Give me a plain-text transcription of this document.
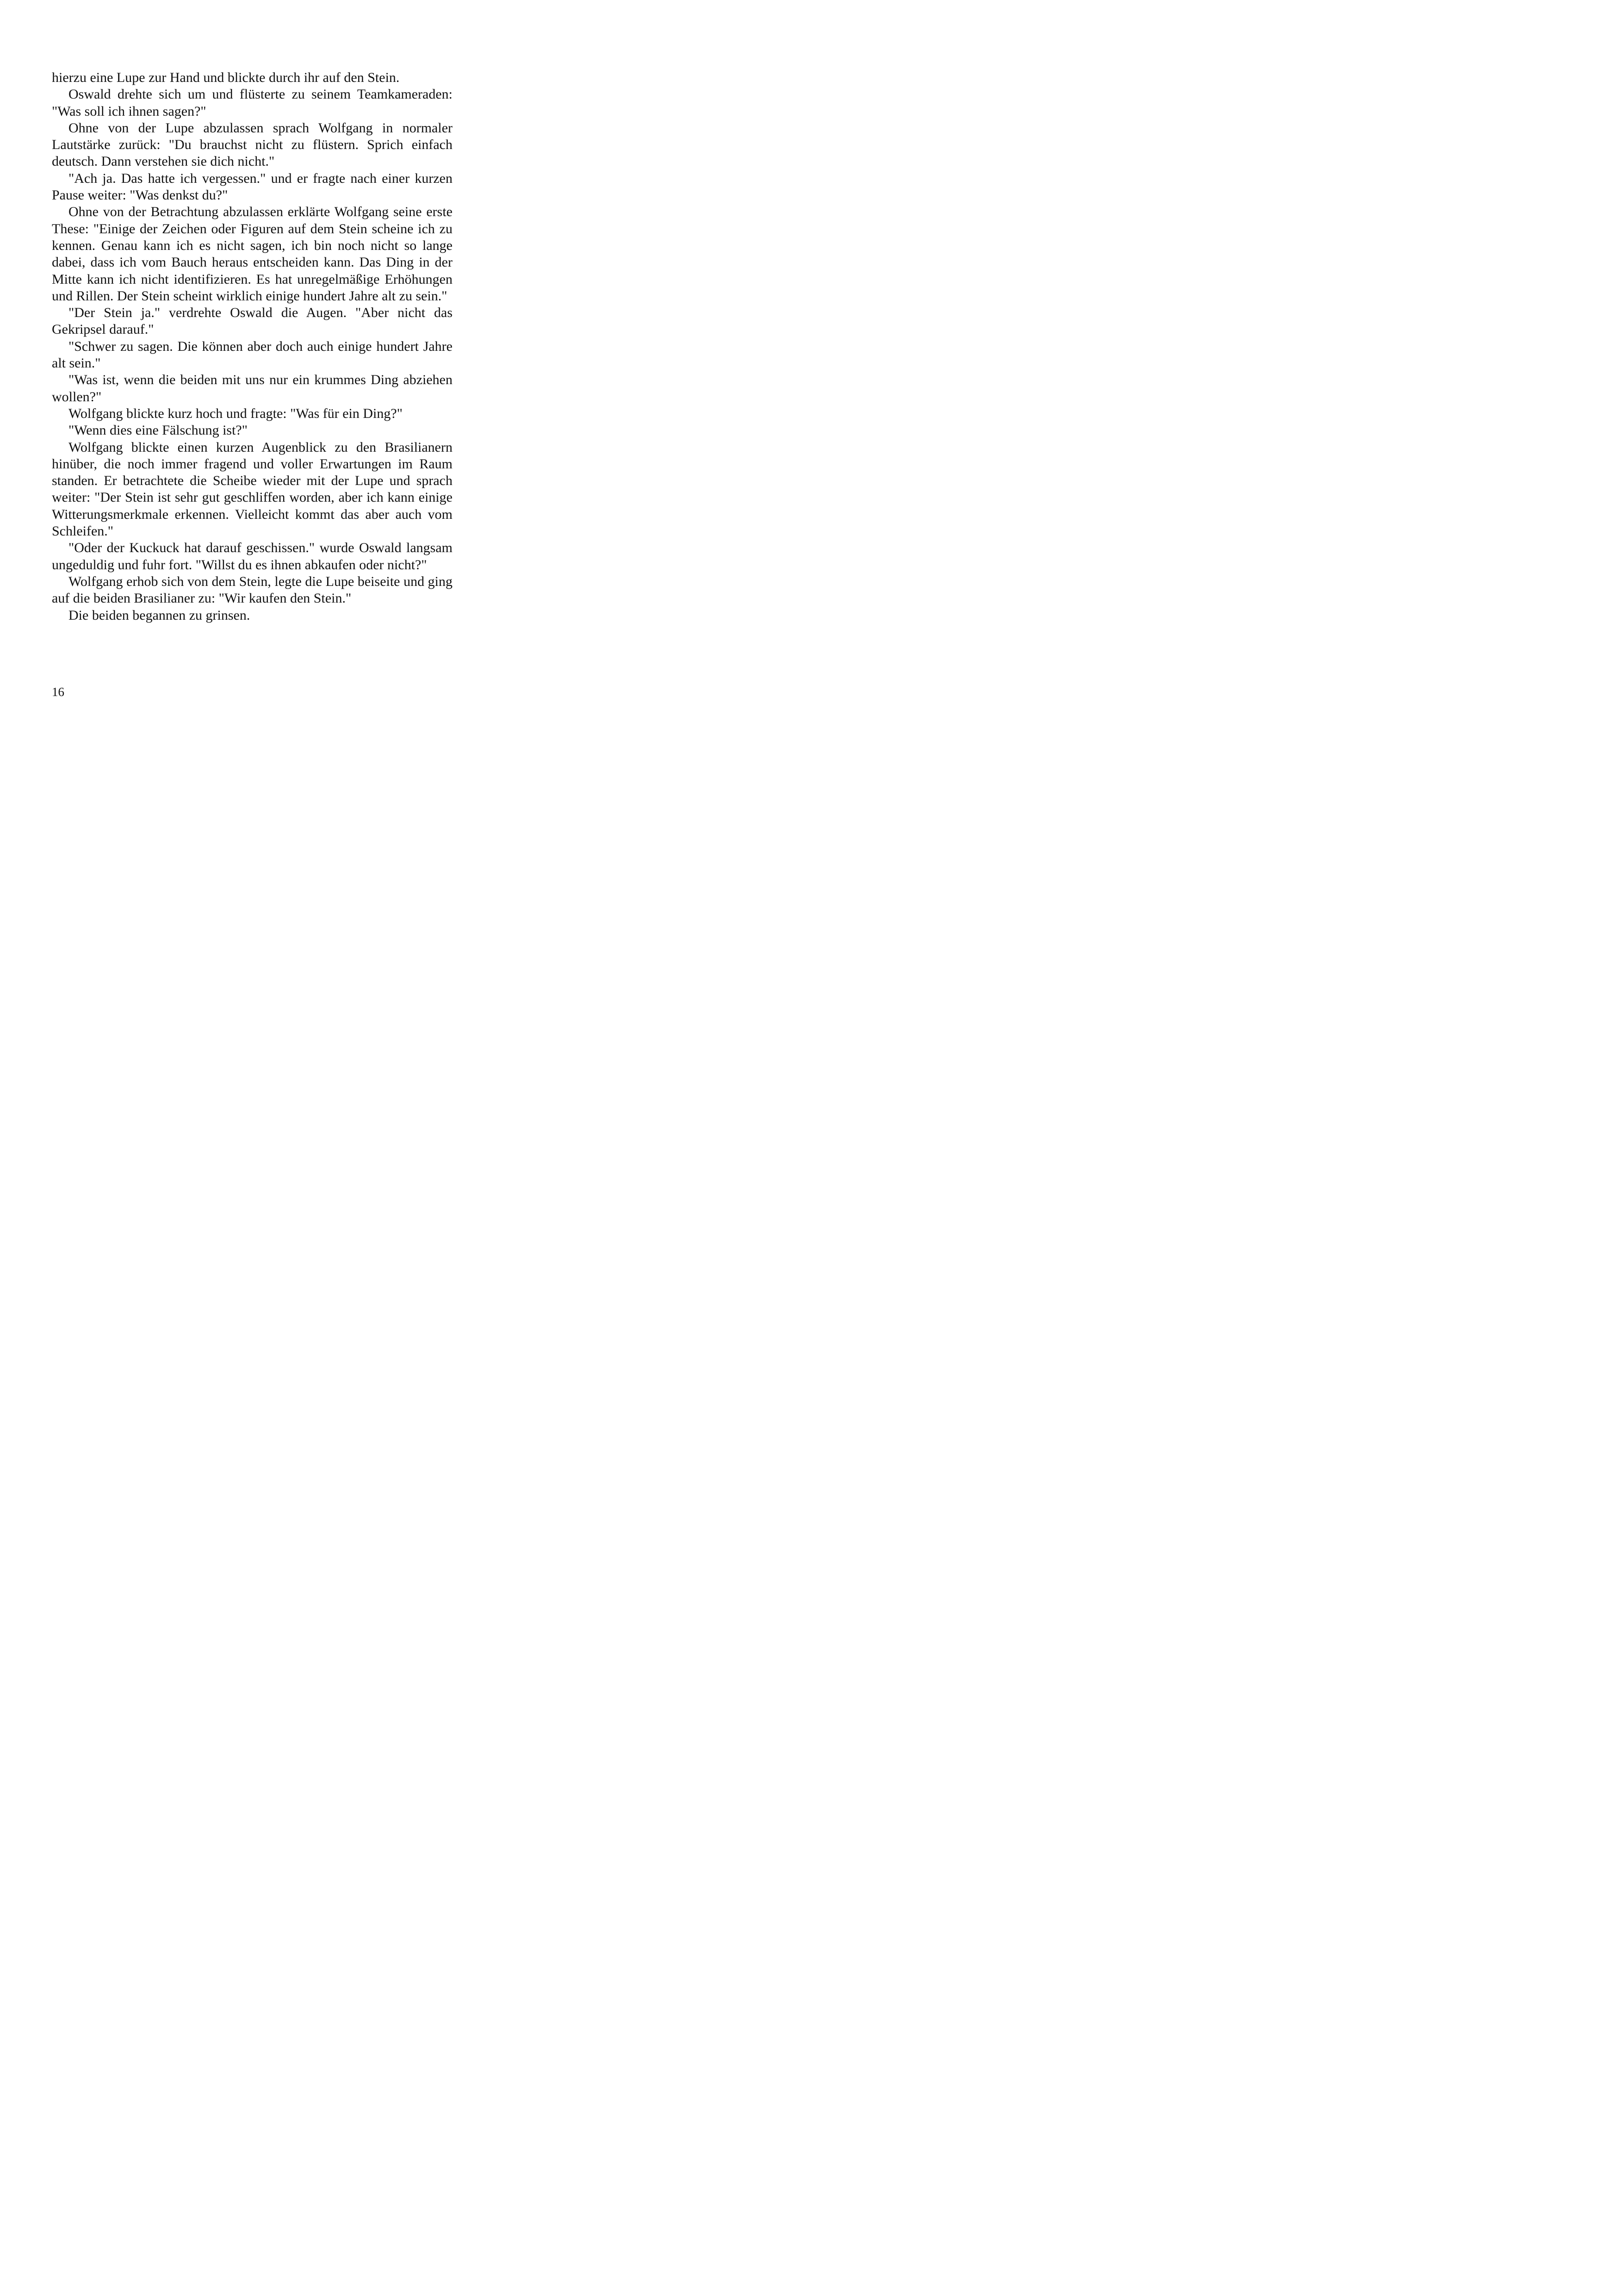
hierzu eine Lupe zur Hand und blickte durch ihr auf den Stein.

Oswald drehte sich um und flüsterte zu seinem Teamkameraden: "Was soll ich ihnen sagen?"

Ohne von der Lupe abzulassen sprach Wolfgang in normaler Lautstärke zurück: "Du brauchst nicht zu flüstern. Sprich einfach deutsch. Dann verstehen sie dich nicht."

"Ach ja. Das hatte ich vergessen." und er fragte nach einer kurzen Pause weiter: "Was denkst du?"

Ohne von der Betrachtung abzulassen erklärte Wolfgang seine erste These: "Einige der Zeichen oder Figuren auf dem Stein scheine ich zu kennen. Genau kann ich es nicht sagen, ich bin noch nicht so lange dabei, dass ich vom Bauch heraus entscheiden kann. Das Ding in der Mitte kann ich nicht identifizieren. Es hat unregelmäßige Erhöhungen und Rillen. Der Stein scheint wirklich einige hundert Jahre alt zu sein."

"Der Stein ja." verdrehte Oswald die Augen. "Aber nicht das Gekripsel darauf."

"Schwer zu sagen. Die können aber doch auch einige hundert Jahre alt sein."

"Was ist, wenn die beiden mit uns nur ein krummes Ding abziehen wollen?"

Wolfgang blickte kurz hoch und fragte: "Was für ein Ding?"

"Wenn dies eine Fälschung ist?"

Wolfgang blickte einen kurzen Augenblick zu den Brasilianern hinüber, die noch immer fragend und voller Erwartungen im Raum standen. Er betrachtete die Scheibe wieder mit der Lupe und sprach weiter: "Der Stein ist sehr gut geschliffen worden, aber ich kann einige Witterungsmerkmale erkennen. Vielleicht kommt das aber auch vom Schleifen."

"Oder der Kuckuck hat darauf geschissen." wurde Oswald langsam ungeduldig und fuhr fort. "Willst du es ihnen abkaufen oder nicht?"

Wolfgang erhob sich von dem Stein, legte die Lupe beiseite und ging auf die beiden Brasilianer zu: "Wir kaufen den Stein."

Die beiden begannen zu grinsen.

16
